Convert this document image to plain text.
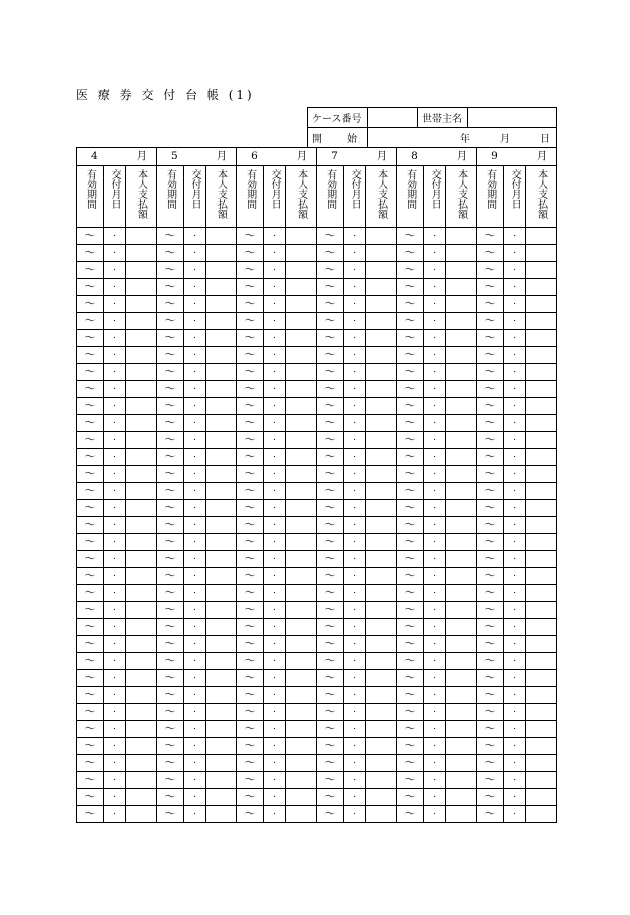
医 療 券 交 付 台 帳 (1)
ケース番号		世帯主名	

開 始	年 月 日		
4 月			5 月			6 月			7 月			8 月			9 月		

有効期間	交付月日	本人支払額	有効期間	交付月日	本人支払額	有効期間	交付月日	本人支払額	有効期間	交付月日	本人支払額	有効期間	交付月日	本人支払額	有効期間	交付月日	本人支払額

〜	・		〜	・		〜	・		〜	・		〜	・		〜	・	
〜	・		〜	・		〜	・		〜	・		〜	・		〜	・	
〜	・		〜	・		〜	・		〜	・		〜	・		〜	・	
〜	・		〜	・		〜	・		〜	・		〜	・		〜	・	
〜	・		〜	・		〜	・		〜	・		〜	・		〜	・	
〜	・		〜	・		〜	・		〜	・		〜	・		〜	・	
〜	・		〜	・		〜	・		〜	・		〜	・		〜	・	
〜	・		〜	・		〜	・		〜	・		〜	・		〜	・	
〜	・		〜	・		〜	・		〜	・		〜	・		〜	・	
〜	・		〜	・		〜	・		〜	・		〜	・		〜	・	
〜	・		〜	・		〜	・		〜	・		〜	・		〜	・	
〜	・		〜	・		〜	・		〜	・		〜	・		〜	・	
〜	・		〜	・		〜	・		〜	・		〜	・		〜	・	
〜	・		〜	・		〜	・		〜	・		〜	・		〜	・	
〜	・		〜	・		〜	・		〜	・		〜	・		〜	・	
〜	・		〜	・		〜	・		〜	・		〜	・		〜	・	
〜	・		〜	・		〜	・		〜	・		〜	・		〜	・	
〜	・		〜	・		〜	・		〜	・		〜	・		〜	・	
〜	・		〜	・		〜	・		〜	・		〜	・		〜	・	
〜	・		〜	・		〜	・		〜	・		〜	・		〜	・	
〜	・		〜	・		〜	・		〜	・		〜	・		〜	・	
〜	・		〜	・		〜	・		〜	・		〜	・		〜	・	
〜	・		〜	・		〜	・		〜	・		〜	・		〜	・	
〜	・		〜	・		〜	・		〜	・		〜	・		〜	・	
〜	・		〜	・		〜	・		〜	・		〜	・		〜	・	
〜	・		〜	・		〜	・		〜	・		〜	・		〜	・	
〜	・		〜	・		〜	・		〜	・		〜	・		〜	・	
〜	・		〜	・		〜	・		〜	・		〜	・		〜	・	
〜	・		〜	・		〜	・		〜	・		〜	・		〜	・	
〜	・		〜	・		〜	・		〜	・		〜	・		〜	・	
〜	・		〜	・		〜	・		〜	・		〜	・		〜	・	
〜	・		〜	・		〜	・		〜	・		〜	・		〜	・	
〜	・		〜	・		〜	・		〜	・		〜	・		〜	・	
〜	・		〜	・		〜	・		〜	・		〜	・		〜	・	
〜	・		〜	・		〜	・		〜	・		〜	・		〜	・	
